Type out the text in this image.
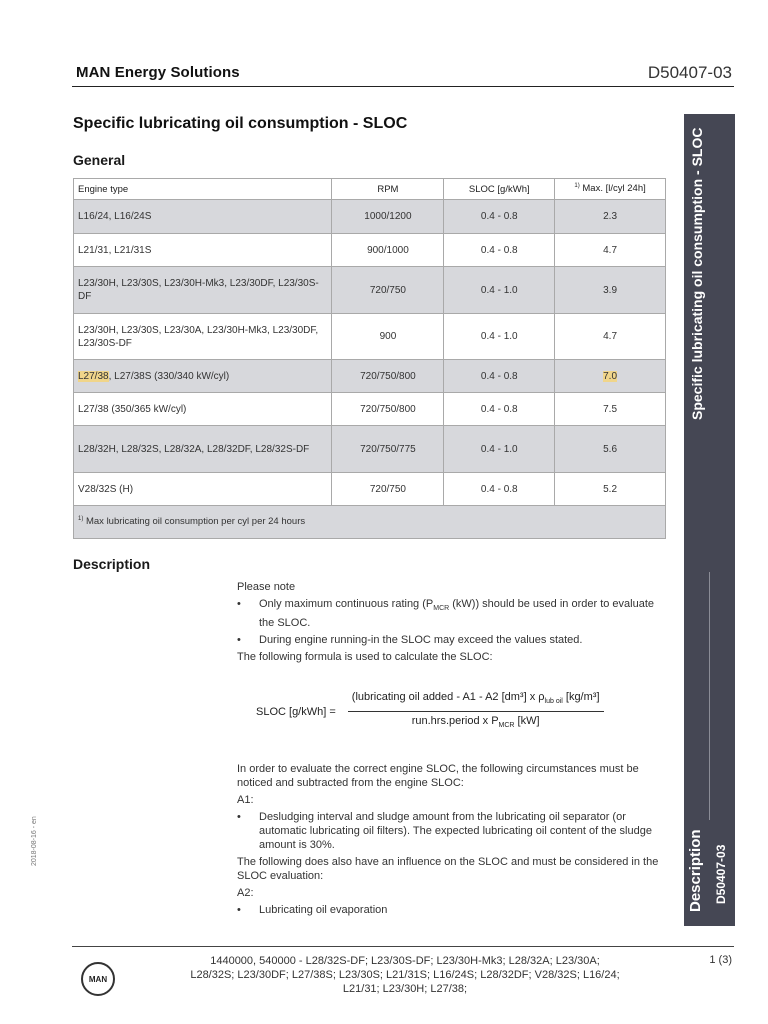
MAN Energy Solutions	D50407-03
Specific lubricating oil consumption - SLOC
General
Engine type	RPM	SLOC [g/kWh]	$^{1)}$ Max. [l/cyl 24h]
L16/24, L16/24S	1000/1200	0.4 - 0.8	2.3
L21/31, L21/31S	900/1000	0.4 - 0.8	4.7
L23/30H, L23/30S, L23/30H-Mk3, L23/30DF, L23/30S-DF	720/750	0.4 - 1.0	3.9
L23/30H, L23/30S, L23/30A, L23/30H-Mk3, L23/30DF, L23/30S-DF	900	0.4 - 1.0	4.7
L27/38, L27/38S (330/340 kW/cyl)	720/750/800	0.4 - 0.8	7.0
L27/38 (350/365 kW/cyl)	720/750/800	0.4 - 0.8	7.5
L28/32H, L28/32S, L28/32A, L28/32DF, L28/32S-DF	720/750/775	0.4 - 1.0	5.6
V28/32S (H)	720/750	0.4 - 0.8	5.2
$^{1)}$ Max lubricating oil consumption per cyl per 24 hours			
Description

Please note

• Only maximum continuous rating ($P_{MCR}$ (kW)) should be used in order to evaluate the SLOC.
• During engine running-in the SLOC may exceed the values stated.

The following formula is used to calculate the SLOC:

SLOC $[g/kWh] = \frac{(lubricating oil added - A1 - A2 [dm^3] x \rho_{lub oil} [kg/m^3]}{run.hrs.period x P_{MCR} [kW]}$

In order to evaluate the correct engine SLOC, the following circumstances must be noticed and subtracted from the engine SLOC:

A1:

• Desludging interval and sludge amount from the lubricating oil separator (or automatic lubricating oil filters). The expected lubricating oil content of the sludge amount is 30%.

The following does also have an influence on the SLOC and must be considered in the SLOC evaluation:

A2:

• Lubricating oil evaporation
Specific lubricating oil consumption - SLOC
Description D50407-03
2018-08-16 - en
MAN
1440000, 540000 - L28/32S-DF; L23/30S-DF; L23/30H-Mk3; L28/32A; L23/30A; L28/32S; L23/30DF; L27/38S; L23/30S; L21/31S; L16/24S; L28/32DF; V28/32S; L16/24; L21/31; L23/30H; L27/38;
1 (3)
